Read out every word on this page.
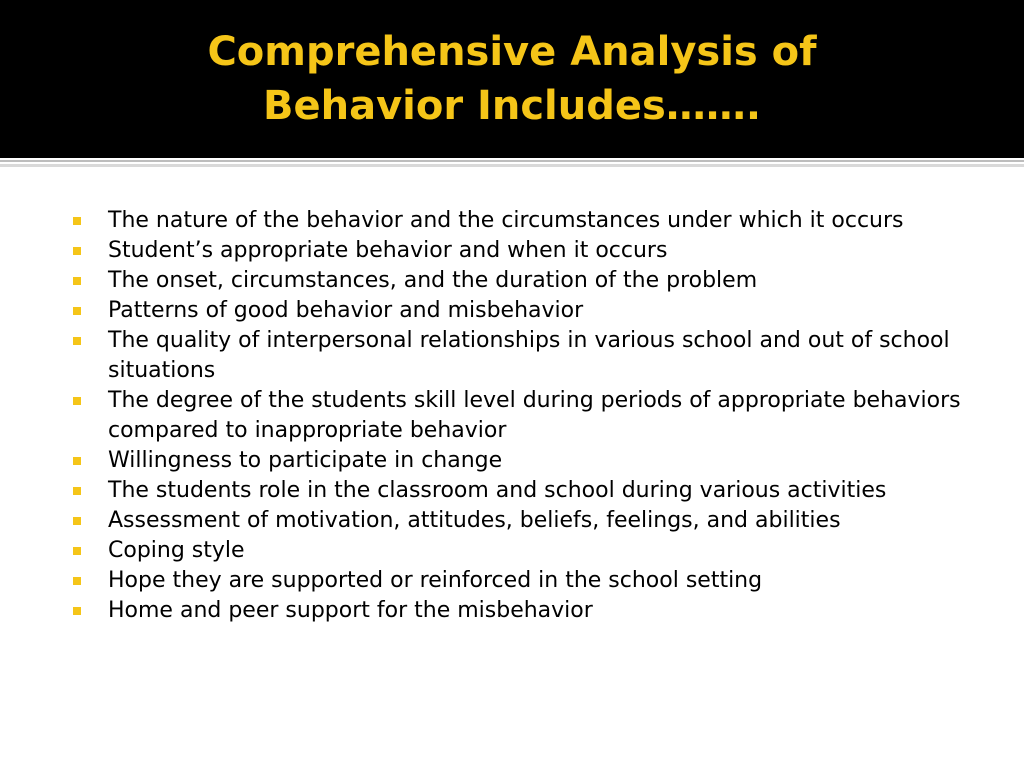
Comprehensive Analysis of
Behavior Includes…….
The nature of the behavior and the circumstances under which it occurs
Student’s appropriate behavior and when it occurs
The onset, circumstances, and the duration of the problem
Patterns of good behavior and misbehavior
The quality of interpersonal relationships in various school and out of school situations
The degree of the students skill level during periods of appropriate behaviors compared to inappropriate behavior
Willingness to participate in change
The students role in the classroom and school during various activities
Assessment of motivation, attitudes, beliefs, feelings, and abilities
Coping style
Hope they are supported or reinforced in the school setting
Home and peer support for the misbehavior
